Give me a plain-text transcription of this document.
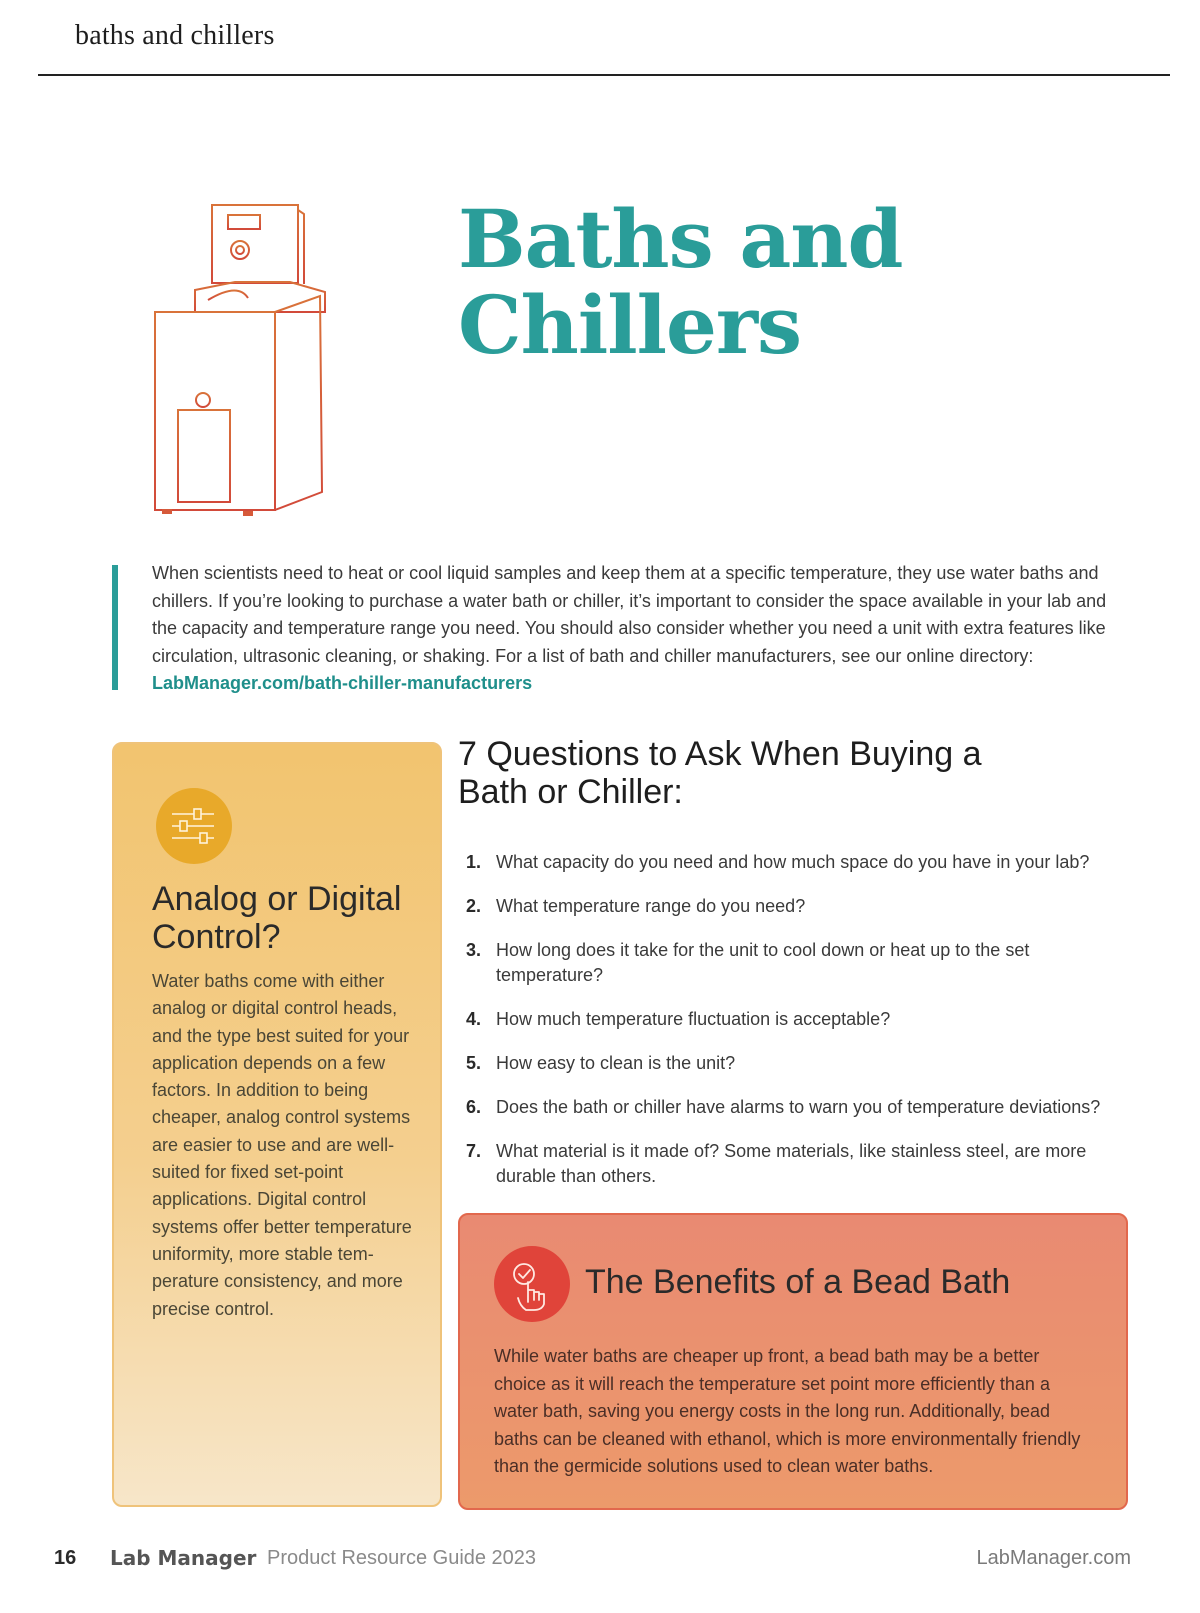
baths and chillers
Baths and
Chillers
When scientists need to heat or cool liquid samples and keep them at a specific temperature, they use water baths and chillers. If you’re looking to purchase a water bath or chiller, it’s important to consider the space available in your lab and the capacity and temperature range you need. You should also consider whether you need a unit with extra features like circulation, ultrasonic cleaning, or shaking. For a list of bath and chiller manufacturers, see our online directory: LabManager.com/bath-chiller-manufacturers
Analog or Digital Control?
Water baths come with either analog or digital control heads, and the type best suited for your application depends on a few factors. In addition to being cheaper, analog control systems are easier to use and are well-suited for fixed set-point applications. Digital control systems offer better temperature uniformity, more stable tem-perature consistency, and more precise control.
7 Questions to Ask When Buying a Bath or Chiller:
1. What capacity do you need and how much space do you have in your lab?
2. What temperature range do you need?
3. How long does it take for the unit to cool down or heat up to the set temperature?
4. How much temperature fluctuation is acceptable?
5. How easy to clean is the unit?
6. Does the bath or chiller have alarms to warn you of temperature deviations?
7. What material is it made of? Some materials, like stainless steel, are more durable than others.
The Benefits of a Bead Bath
While water baths are cheaper up front, a bead bath may be a better choice as it will reach the temperature set point more efficiently than a water bath, saving you energy costs in the long run. Additionally, bead baths can be cleaned with ethanol, which is more environmentally friendly than the germicide solutions used to clean water baths.
16 Lab Manager Product Resource Guide 2023	LabManager.com
